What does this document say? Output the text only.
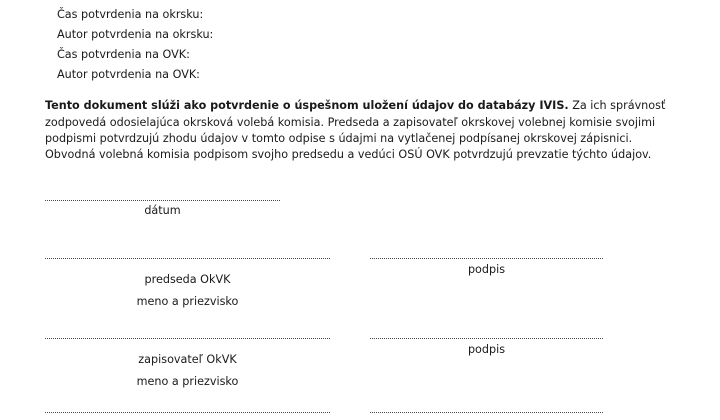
Čas potvrdenia na okrsku:
Autor potvrdenia na okrsku:
Čas potvrdenia na OVK:
Autor potvrdenia na OVK:

Tento dokument slúži ako potvrdenie o úspešnom uložení údajov do databázy IVIS. Za ich správnosť zodpovedá odosielajúca okrsková volebá komisia. Predseda a zapisovateľ okrskovej volebnej komisie svojimi podpismi potvrdzujú zhodu údajov v tomto odpise s údajmi na vytlačenej podpísanej okrskovej zápisnici. Obvodná volebná komisia podpisom svojho predsedu a vedúci OSÚ OVK potvrdzujú prevzatie týchto údajov.

dátum
predseda OkVK
meno a priezvisko
podpis
zapisovateľ OkVK
meno a priezvisko
podpis
